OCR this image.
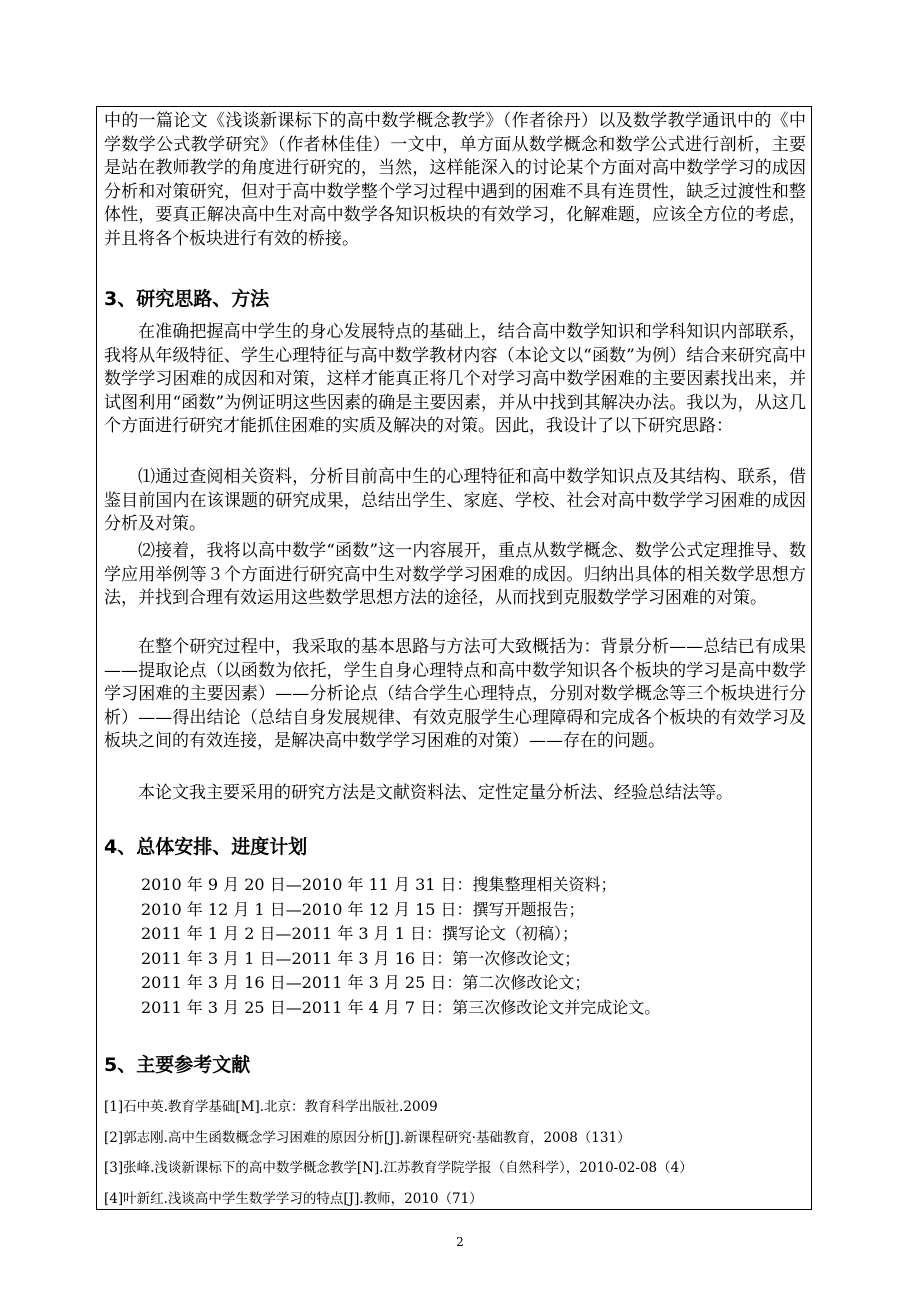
中的一篇论文《浅谈新课标下的高中数学概念教学》（作者徐丹）以及数学教学通讯中的《中学数学公式教学研究》（作者林佳佳）一文中，单方面从数学概念和数学公式进行剖析，主要是站在教师教学的角度进行研究的，当然，这样能深入的讨论某个方面对高中数学学习的成因分析和对策研究，但对于高中数学整个学习过程中遇到的困难不具有连贯性，缺乏过渡性和整体性，要真正解决高中生对高中数学各知识板块的有效学习，化解难题，应该全方位的考虑，并且将各个板块进行有效的桥接。

3、研究思路、方法

在准确把握高中学生的身心发展特点的基础上，结合高中数学知识和学科知识内部联系，我将从年级特征、学生心理特征与高中数学教材内容（本论文以“函数”为例）结合来研究高中数学学习困难的成因和对策，这样才能真正将几个对学习高中数学困难的主要因素找出来，并试图利用“函数”为例证明这些因素的确是主要因素，并从中找到其解决办法。我以为，从这几个方面进行研究才能抓住困难的实质及解决的对策。因此，我设计了以下研究思路：

⑴通过查阅相关资料，分析目前高中生的心理特征和高中数学知识点及其结构、联系，借鉴目前国内在该课题的研究成果，总结出学生、家庭、学校、社会对高中数学学习困难的成因分析及对策。

⑵接着，我将以高中数学“函数”这一内容展开，重点从数学概念、数学公式定理推导、数学应用举例等３个方面进行研究高中生对数学学习困难的成因。归纳出具体的相关数学思想方法，并找到合理有效运用这些数学思想方法的途径，从而找到克服数学学习困难的对策。

在整个研究过程中，我采取的基本思路与方法可大致概括为：背景分析——总结已有成果——提取论点（以函数为依托，学生自身心理特点和高中数学知识各个板块的学习是高中数学学习困难的主要因素）——分析论点（结合学生心理特点，分别对数学概念等三个板块进行分析）——得出结论（总结自身发展规律、有效克服学生心理障碍和完成各个板块的有效学习及板块之间的有效连接，是解决高中数学学习困难的对策）——存在的问题。

本论文我主要采用的研究方法是文献资料法、定性定量分析法、经验总结法等。

4、总体安排、进度计划
2010 年 9 月 20 日—2010 年 11 月 31 日：搜集整理相关资料；
2010 年 12 月 1 日—2010 年 12 月 15 日：撰写开题报告；
2011 年 1 月 2 日—2011 年 3 月 1 日：撰写论文（初稿）；
2011 年 3 月 1 日—2011 年 3 月 16 日：第一次修改论文；
2011 年 3 月 16 日—2011 年 3 月 25 日：第二次修改论文；
2011 年 3 月 25 日—2011 年 4 月 7 日：第三次修改论文并完成论文。
5、主要参考文献
[1]石中英.教育学基础[M].北京：教育科学出版社.2009
[2]郭志刚.高中生函数概念学习困难的原因分析[J].新课程研究·基础教育，2008（131）
[3]张峰.浅谈新课标下的高中数学概念教学[N].江苏教育学院学报（自然科学），2010-02-08（4）
[4]叶新红.浅谈高中学生数学学习的特点[J].教师，2010（71）
2
